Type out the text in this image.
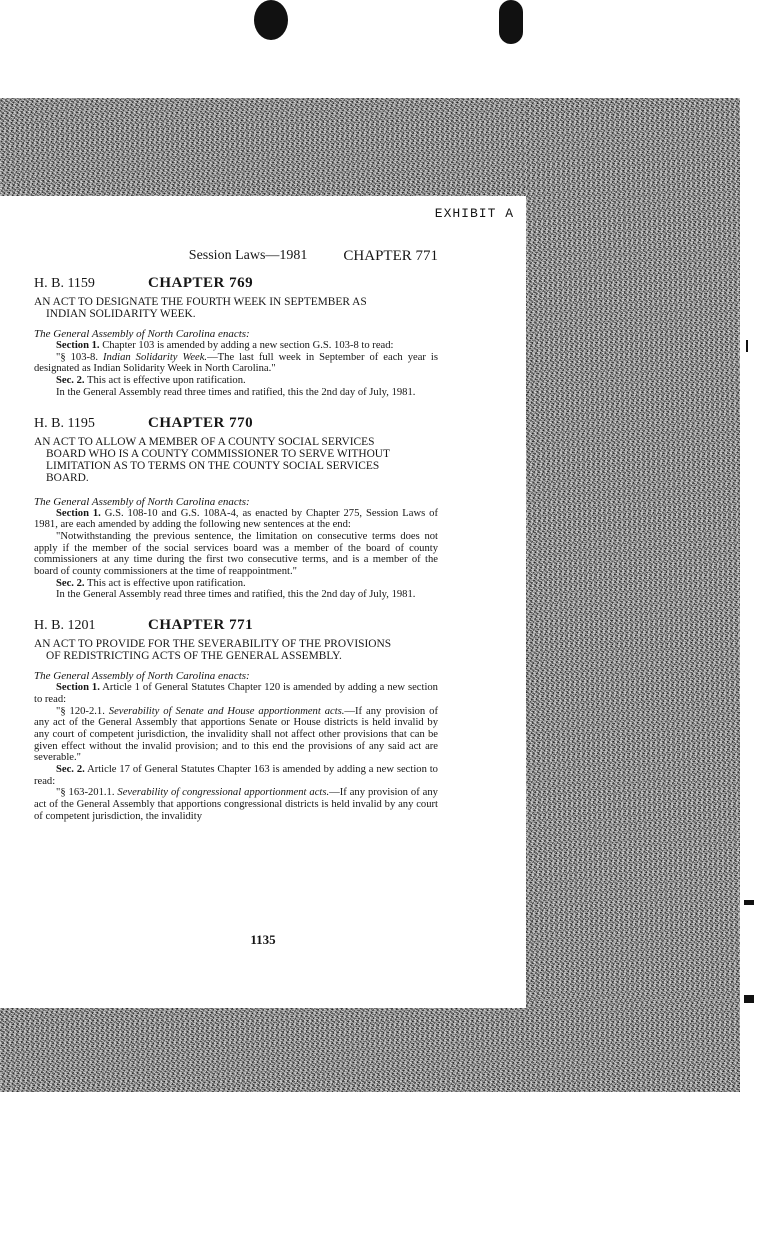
EXHIBIT A
Session Laws—1981 CHAPTER 771
H. B. 1159	CHAPTER 769
AN ACT TO DESIGNATE THE FOURTH WEEK IN SEPTEMBER AS
INDIAN SOLIDARITY WEEK.
The General Assembly of North Carolina enacts:

Section 1. Chapter 103 is amended by adding a new section G.S. 103-8 to read:

"§ 103-8. Indian Solidarity Week.—The last full week in September of each year is designated as Indian Solidarity Week in North Carolina."

Sec. 2. This act is effective upon ratification.

In the General Assembly read three times and ratified, this the 2nd day of July, 1981.

H. B. 1195	CHAPTER 770
AN ACT TO ALLOW A MEMBER OF A COUNTY SOCIAL SERVICES
BOARD WHO IS A COUNTY COMMISSIONER TO SERVE WITHOUT
LIMITATION AS TO TERMS ON THE COUNTY SOCIAL SERVICES
BOARD.
The General Assembly of North Carolina enacts:

Section 1. G.S. 108-10 and G.S. 108A-4, as enacted by Chapter 275, Session Laws of 1981, are each amended by adding the following new sentences at the end:

"Notwithstanding the previous sentence, the limitation on consecutive terms does not apply if the member of the social services board was a member of the board of county commissioners at any time during the first two consecutive terms, and is a member of the board of county commissioners at the time of reappointment."

Sec. 2. This act is effective upon ratification.

In the General Assembly read three times and ratified, this the 2nd day of July, 1981.

H. B. 1201	CHAPTER 771
AN ACT TO PROVIDE FOR THE SEVERABILITY OF THE PROVISIONS
OF REDISTRICTING ACTS OF THE GENERAL ASSEMBLY.
The General Assembly of North Carolina enacts:

Section 1. Article 1 of General Statutes Chapter 120 is amended by adding a new section to read:

"§ 120-2.1. Severability of Senate and House apportionment acts.—If any provision of any act of the General Assembly that apportions Senate or House districts is held invalid by any court of competent jurisdiction, the invalidity shall not affect other provisions that can be given effect without the invalid provision; and to this end the provisions of any said act are severable."

Sec. 2. Article 17 of General Statutes Chapter 163 is amended by adding a new section to read:

"§ 163-201.1. Severability of congressional apportionment acts.—If any provision of any act of the General Assembly that apportions congressional districts is held invalid by any court of competent jurisdiction, the invalidity

1135
